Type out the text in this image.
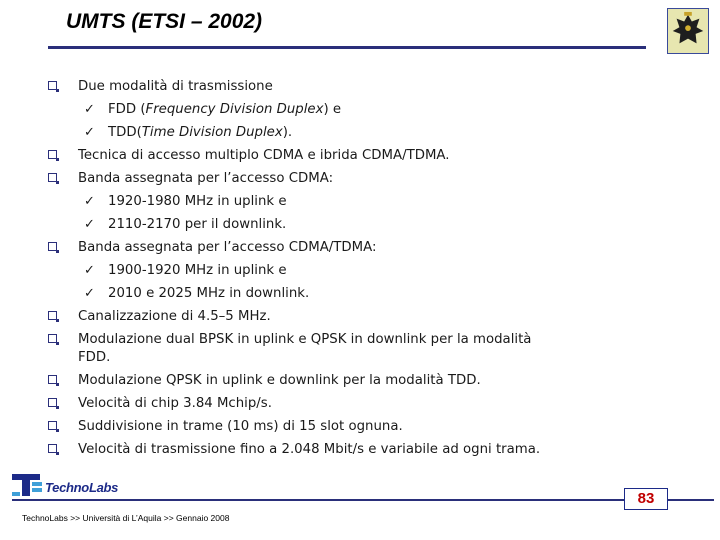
UMTS (ETSI – 2002)
Due modalità di trasmissione
✓ FDD (Frequency Division Duplex) e
✓ TDD(Time Division Duplex).
Tecnica di accesso multiplo CDMA e ibrida CDMA/TDMA.
Banda assegnata per l’accesso CDMA:
✓ 1920-1980 MHz in uplink e
✓ 2110-2170 per il downlink.
Banda assegnata per l’accesso CDMA/TDMA:
✓ 1900-1920 MHz in uplink e
✓ 2010 e 2025 MHz in downlink.
Canalizzazione di 4.5–5 MHz.
Modulazione dual BPSK in uplink e QPSK in downlink per la modalità
FDD.
Modulazione QPSK in uplink e downlink per la modalità TDD.
Velocità di chip 3.84 Mchip/s.
Suddivisione in trame (10 ms) di 15 slot ognuna.
Velocità di trasmissione fino a 2.048 Mbit/s e variabile ad ogni trama.
TechnoLabs
83
TechnoLabs >> Università di L’Aquila >> Gennaio 2008
